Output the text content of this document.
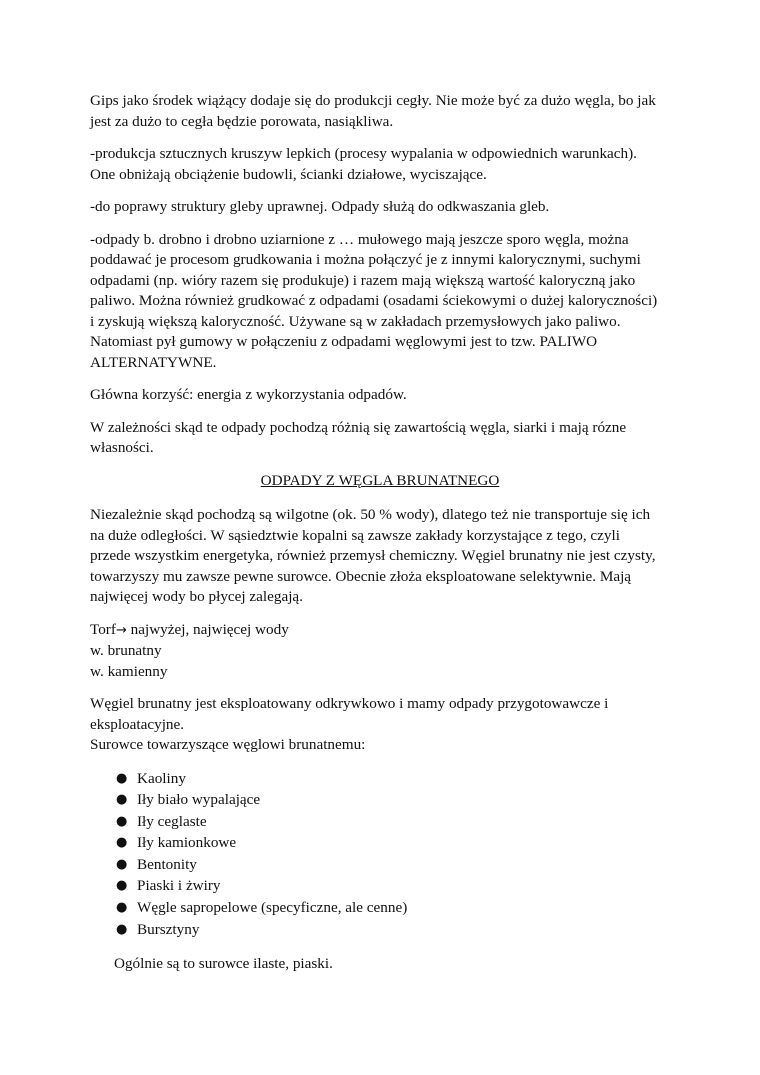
Gips jako środek wiążący dodaje się do produkcji cegły. Nie może być za dużo węgla, bo jak
jest za dużo to cegła będzie porowata, nasiąkliwa.

-produkcja sztucznych kruszyw lepkich (procesy wypalania w odpowiednich warunkach).
One obniżają obciążenie budowli, ścianki działowe, wyciszające.

-do poprawy struktury gleby uprawnej. Odpady służą do odkwaszania gleb.

-odpady b. drobno i drobno uziarnione z … mułowego mają jeszcze sporo węgla, można
poddawać je procesom grudkowania i można połączyć je z innymi kalorycznymi, suchymi
odpadami (np. wióry razem się produkuje) i razem mają większą wartość kaloryczną jako
paliwo. Można również grudkować z odpadami (osadami ściekowymi o dużej kaloryczności)
i zyskują większą kaloryczność. Używane są w zakładach przemysłowych jako paliwo.
Natomiast pył gumowy w połączeniu z odpadami węglowymi jest to tzw. PALIWO
ALTERNATYWNE.

Główna korzyść: energia z wykorzystania odpadów.

W zależności skąd te odpady pochodzą różnią się zawartością węgla, siarki i mają rózne
własności.

ODPADY Z WĘGLA BRUNATNEGO

Niezależnie skąd pochodzą są wilgotne (ok. 50 % wody), dlatego też nie transportuje się ich
na duże odległości. W sąsiedztwie kopalni są zawsze zakłady korzystające z tego, czyli
przede wszystkim energetyka, również przemysł chemiczny. Węgiel brunatny nie jest czysty,
towarzyszy mu zawsze pewne surowce. Obecnie złoża eksploatowane selektywnie. Mają
najwięcej wody bo płycej zalegają.

Torf→ najwyżej, najwięcej wody
w. brunatny
w. kamienny

Węgiel brunatny jest eksploatowany odkrywkowo i mamy odpady przygotowawcze i
eksploatacyjne.
Surowce towarzyszące węglowi brunatnemu:

● Kaoliny
● Iły biało wypalające
● Iły ceglaste
● Iły kamionkowe
● Bentonity
● Piaski i żwiry
● Węgle sapropelowe (specyficzne, ale cenne)
● Bursztyny

Ogólnie są to surowce ilaste, piaski.
